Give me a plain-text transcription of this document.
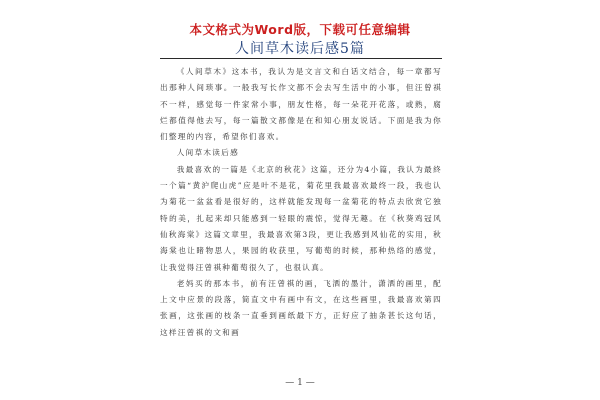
本文格式为Word版，下载可任意编辑
人间草木读后感5篇

《人间草木》这本书，我认为是文言文和白话文结合，每一章都写出那种人间琐事。一般我写长作文都不会去写生活中的小事，但汪曾祺不一样，感觉每一件家常小事，朋友性格，每一朵花开花落，或熟，腐烂都值得他去写，每一篇散文都像是在和知心朋友说话。下面是我为你们整理的内容，希望你们喜欢。

人间草木读后感

我最喜欢的一篇是《北京的秋花》这篇，还分为4小篇，我认为最終一个篇“黄沪爬山虎”应是叶不是花，菊花里我最喜欢最终一段，我也认为菊花一盆盆看是很好的，这样就能发现每一盆菊花的特点去欣赏它独特的美，扎起来却只能感到一轻眼的震惊，觉得无趣。在《秋葵鸡冠风仙秋海棠》这篇文章里，我最喜欢第3段，更让我感到风仙花的实用，秋海棠也让睹物思人，果园的收获里，写葡萄的时候，那种热络的感觉，让我觉得汪曾祺种葡萄很久了，也很认真。

老妈买的那本书，前有汪曾祺的画，飞洒的墨汁，潇洒的画里，配上文中应景的段落，简直文中有画中有文，在这些画里，我最喜欢第四张画，这张画的枝条一直垂到画纸最下方，正好应了抽条甚长这句话，这样汪曾祺的文和画

— 1 —
